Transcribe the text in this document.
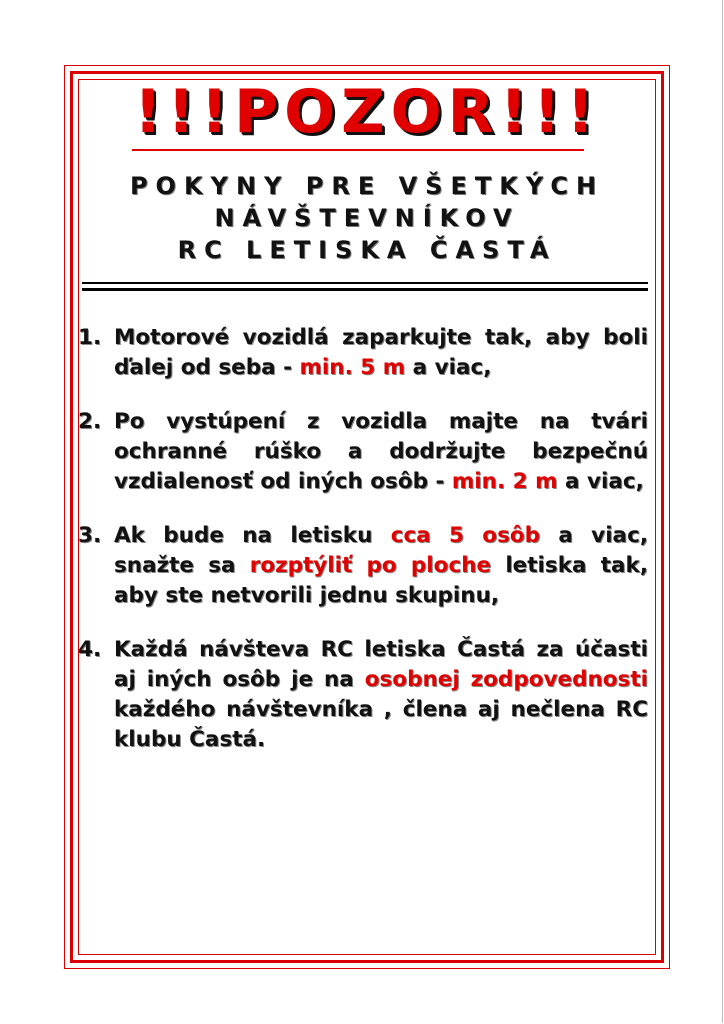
!!!POZOR!!!
POKYNY PRE VŠETKÝCH
NÁVŠTEVNÍKOV
RC LETISKA ČASTÁ
1. Motorové vozidlá zaparkujte tak, aby boli ďalej od seba - min. 5 m a viac,
2. Po vystúpení z vozidla majte na tvári ochranné rúško a dodržujte bezpečnú vzdialenosť od iných osôb - min. 2 m a viac,
3. Ak bude na letisku cca 5 osôb a viac, snažte sa rozptýliť po ploche letiska tak, aby ste netvorili jednu skupinu,
4. Každá návšteva RC letiska Častá za účasti aj iných osôb je na osobnej zodpovednosti každého návštevníka , člena aj nečlena RC klubu Častá.
